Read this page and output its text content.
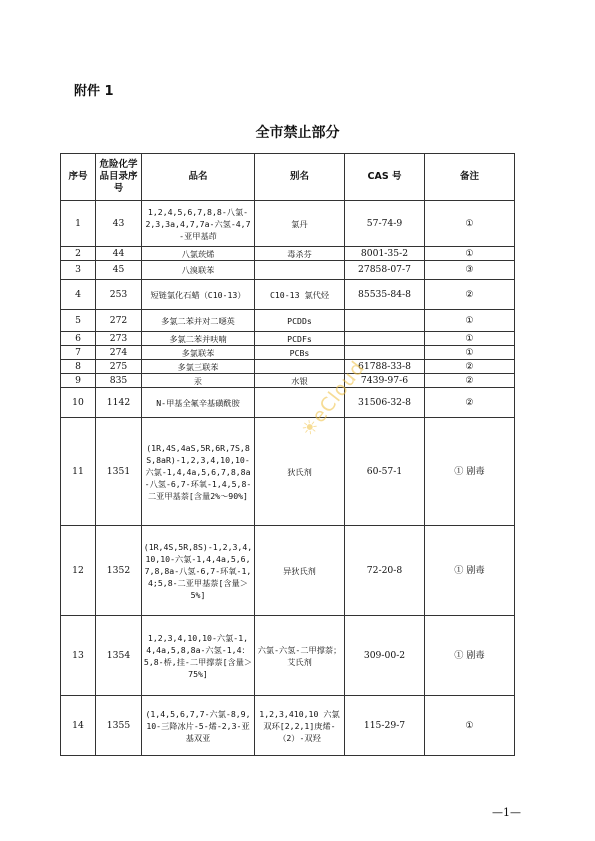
附件 1
全市禁止部分
序号	危险化学品目录序号	品名	别名	CAS 号	备注
1	43	1,2,4,5,6,7,8,8-八氯-2,3,3a,4,7,7a-六氢-4,7-亚甲基茚	氯丹	57-74-9	①
2	44	八氯莰烯	毒杀芬	8001-35-2	①
3	45	八溴联苯		27858-07-7	③
4	253	短链氯化石蜡（C10-13）	C10-13 氯代烃	85535-84-8	②
5	272	多氯二苯并对二噁英	PCDDs		①
6	273	多氯二苯并呋喃	PCDFs		①
7	274	多氯联苯	PCBs		①
8	275	多氯三联苯		61788-33-8	②
9	835	汞	水银	7439-97-6	②
10	1142	N-甲基全氟辛基磺酰胺		31506-32-8	②
11	1351	(1R,4S,4aS,5R,6R,7S,8S,8aR)-1,2,3,4,10,10-六氯-1,4,4a,5,6,7,8,8a-八氢-6,7-环氧-1,4,5,8-二亚甲基萘[含量2%～90%]	狄氏剂	60-57-1	① 剧毒
12	1352	(1R,4S,5R,8S)-1,2,3,4,10,10-六氯-1,4,4a,5,6,7,8,8a-八氢-6,7-环氧-1,4;5,8-二亚甲基萘[含量＞5%]	异狄氏剂	72-20-8	① 剧毒
13	1354	1,2,3,4,10,10-六氯-1,4,4a,5,8,8a-六氢-1,4：5,8-桥,挂-二甲撑萘[含量＞75%]	六氯-六氢-二甲撑萘；艾氏剂	309-00-2	① 剧毒
14	1355	(1,4,5,6,7,7-六氯-8,9,10-三降冰片-5-烯-2,3-亚基双亚	1,2,3,410,10 六氯双环[2,2,1]庚烯-（2）-双羟	115-29-7	①
☀eCloud
—1—
